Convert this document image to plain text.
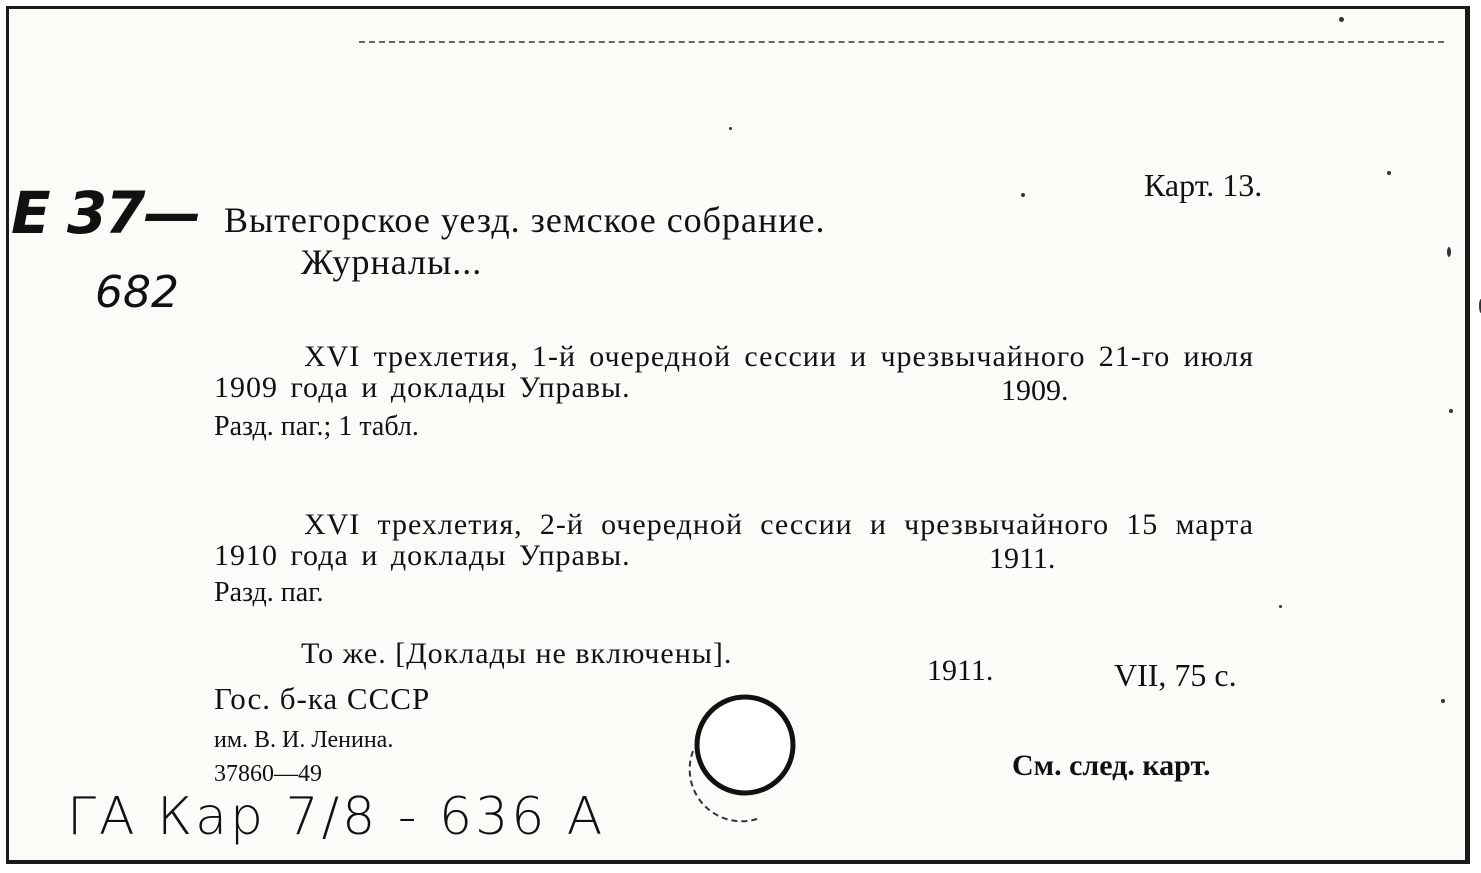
Е 37—
682
Карт. 13.
Вытегорское уезд. земское собрание.
Журналы...
XVI трехлетия, 1-й очередной сессии и чрезвычайного 21-го июля 1909 года и доклады Управы.	1909.
Разд. паг.; 1 табл.
XVI трехлетия, 2-й очередной сессии и чрезвычайного 15 марта 1910 года и доклады Управы.	1911.
Разд. паг.
То же. [Доклады не включены].
1911.	VII, 75 с.
Гос. б-ка СССР
им. В. И. Ленина.
37860—49	См. след. карт.
ГА Кар 7/8 - 636 А
